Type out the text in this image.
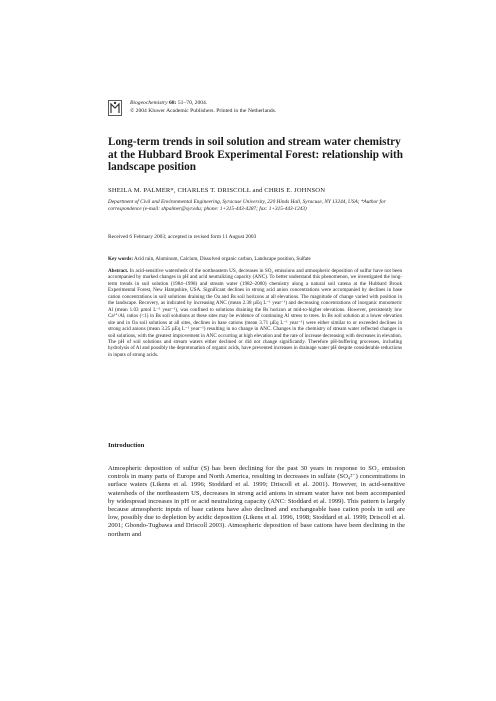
Biogeochemistry 68: 51–70, 2004.
© 2004 Kluwer Academic Publishers. Printed in the Netherlands.
Long-term trends in soil solution and stream water chemistry at the Hubbard Brook Experimental Forest: relationship with landscape position
SHEILA M. PALMER*, CHARLES T. DRISCOLL and CHRIS E. JOHNSON
Department of Civil and Environmental Engineering, Syracuse University, 220 Hinds Hall, Syracuse, NY 13244, USA; *Author for correspondence (e-mail: shpalmer@syr.edu; phone: 1+315-443-4287; fax: 1+315-443-1243)
Received 6 February 2003; accepted in revised form 11 August 2003
Key words: Acid rain, Aluminum, Calcium, Dissolved organic carbon, Landscape position, Sulfate
Abstract. In acid-sensitive watersheds of the northeastern US, decreases in SO₂ emissions and atmospheric deposition of sulfur have not been accompanied by marked changes in pH and acid neutralizing capacity (ANC). To better understand this phenomenon, we investigated the long-term trends in soil solution (1984–1998) and stream water (1982–2000) chemistry along a natural soil catena at the Hubbard Brook Experimental Forest, New Hampshire, USA. Significant declines in strong acid anion concentrations were accompanied by declines in base cation concentrations in soil solutions draining the Oa and Bs soil horizons at all elevations. The magnitude of change varied with position in the landscape. Recovery, as indicated by increasing ANC (mean 2.38 µEq L⁻¹ year⁻¹) and decreasing concentrations of inorganic monomeric Al (mean 1.03 µmol L⁻¹ year⁻¹), was confined to solutions draining the Bs horizon at mid-to-higher elevations. However, persistently low Ca²⁺/Alᵢ ratios (<1) in Bs soil solutions at these sites may be evidence of continuing Al stress to trees. In Bs soil solution at a lower elevation site and in Oa soil solutions at all sites, declines in base cations (mean 3.71 µEq L⁻¹ year⁻¹) were either similar to or exceeded declines in strong acid anions (mean 3.25 µEq L⁻¹ year⁻¹) resulting in no change in ANC. Changes in the chemistry of stream water reflected changes in soil solutions, with the greatest improvement in ANC occurring at high elevation and the rate of increase decreasing with decreases in elevation. The pH of soil solutions and stream waters either declined or did not change significantly. Therefore pH-buffering processes, including hydrolysis of Al and possibly the deprotonation of organic acids, have prevented increases in drainage water pH despite considerable reductions in inputs of strong acids.
Introduction
Atmospheric deposition of sulfur (S) has been declining for the past 30 years in response to SO₂ emission controls in many parts of Europe and North America, resulting in decreases in sulfate (SO₄²⁻) concentrations in surface waters (Likens et al. 1996; Stoddard et al. 1999; Driscoll et al. 2001). However, in acid-sensitive watersheds of the northeastern US, decreases in strong acid anions in stream water have not been accompanied by widespread increases in pH or acid neutralizing capacity (ANC: Stoddard et al. 1999). This pattern is largely because atmospheric inputs of base cations have also declined and exchangeable base cation pools in soil are low, possibly due to depletion by acidic deposition (Likens et al. 1996, 1998; Stoddard et al. 1999; Driscoll et al. 2001; Gbondo-Tugbawa and Driscoll 2003). Atmospheric deposition of base cations have been declining in the northern and
